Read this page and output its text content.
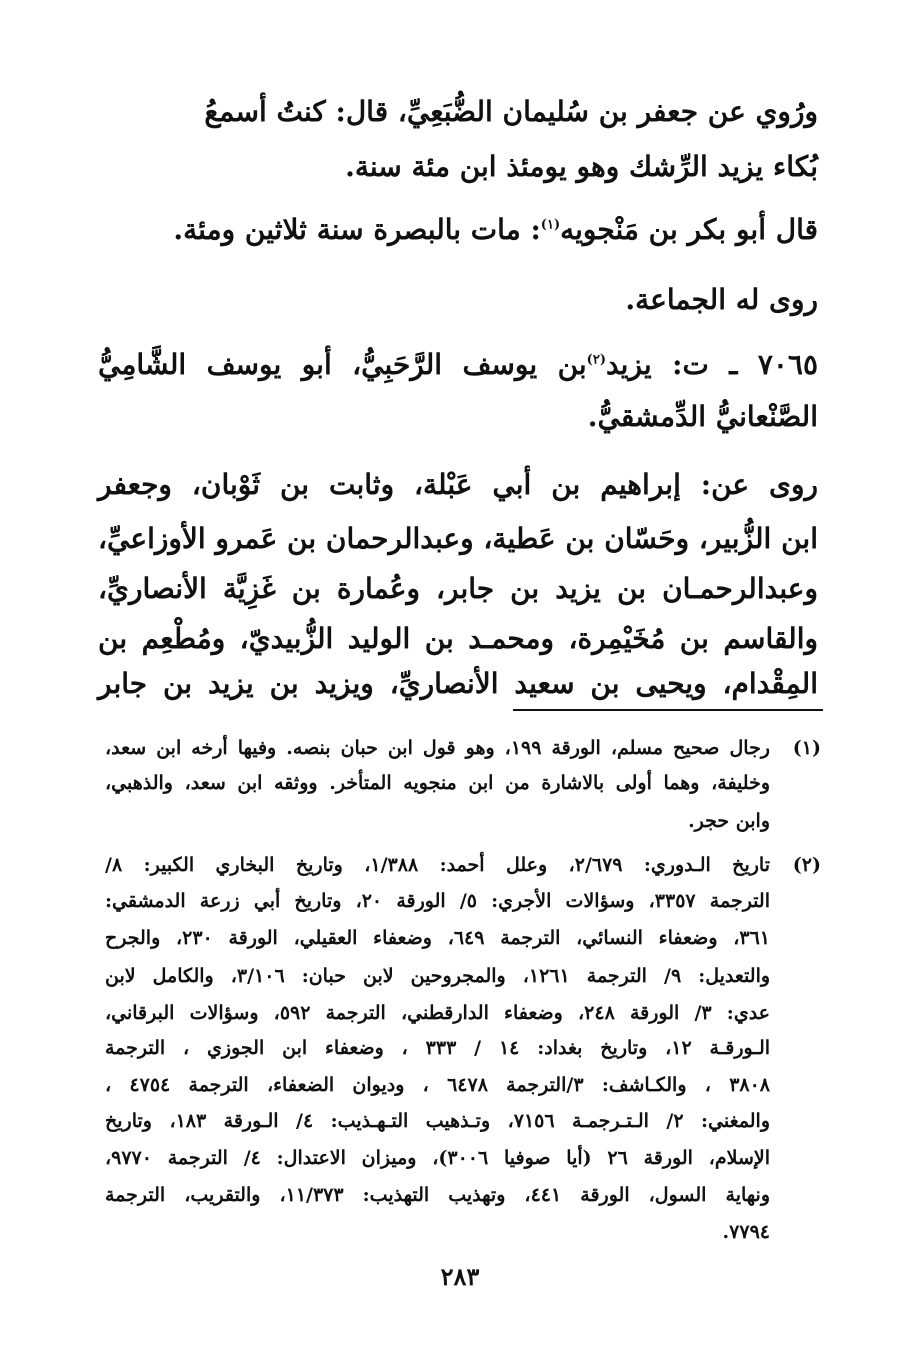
ورُوي عن جعفر بن سُليمان الضُّبَعِيِّ، قال: كنتُ أسمعُ
بُكاء يزيد الرِّشك وهو يومئذ ابن مئة سنة.
قال أبو بكر بن مَنْجويه$^{(١)}$: مات بالبصرة سنة ثلاثين ومئة.
روى له الجماعة.
٧٠٦٥ ـ ت: يزيد$^{(٢)}$بن يوسف الرَّحَبِيُّ، أبو يوسف الشَّامِيُّ
الصَّنْعانيُّ الدِّمشقيُّ.
روى عن: إبراهيم بن أبي عَبْلة، وثابت بن ثَوْبان، وجعفر
ابن الزُّبير، وحَسّان بن عَطية، وعبدالرحمان بن عَمرو الأوزاعيِّ،
وعبدالرحمـان بن يزيد بن جابر، وعُمارة بن غَزِيَّة الأنصاريِّ،
والقاسم بن مُخَيْمِرة، ومحمـد بن الوليد الزُّبيديّ، ومُطْعِم بن
المِقْدام، ويحيى بن سعيد الأنصاريِّ، ويزيد بن يزيد بن جابر
(١)
رجال صحيح مسلم، الورقة ١٩٩، وهو قول ابن حبان بنصه. وفيها أرخه ابن سعد،
وخليفة، وهما أولى بالاشارة من ابن منجويه المتأخر. ووثقه ابن سعد، والذهبي،
وابن حجر.
(٢)
تاريخ الـدوري: ٢/٦٧٩، وعلل أحمد: ١/٣٨٨، وتاريخ البخاري الكبير: ٨/
الترجمة ٣٣٥٧، وسؤالات الأجري: ٥/ الورقة ٢٠، وتاريخ أبي زرعة الدمشقي:
٣٦١، وضعفاء النسائي، الترجمة ٦٤٩، وضعفاء العقيلي، الورقة ٢٣٠، والجرح
والتعديل: ٩/ الترجمة ١٢٦١، والمجروحين لابن حبان: ٣/١٠٦، والكامل لابن
عدي: ٣/ الورقة ٢٤٨، وضعفاء الدارقطني، الترجمة ٥٩٢، وسؤالات البرقاني،
الـورقـة ١٢، وتاريخ بغداد: ١٤ / ٣٣٣ ، وضعفاء ابن الجوزي ، الترجمة
٣٨٠٨ ، والكـاشف: ٣/الترجمة ٦٤٧٨ ، وديوان الضعفاء، الترجمة ٤٧٥٤ ،
والمغني: ٢/ الـتـرجمـة ٧١٥٦، وتـذهيب التـهـذيب: ٤/ الـورقة ١٨٣، وتاريخ
الإسلام، الورقة ٢٦ (أيا صوفيا ٣٠٠٦)، وميزان الاعتدال: ٤/ الترجمة ٩٧٧٠،
ونهاية السول، الورقة ٤٤١، وتهذيب التهذيب: ١١/٣٧٣، والتقريب، الترجمة
٧٧٩٤.
٢٨٣
